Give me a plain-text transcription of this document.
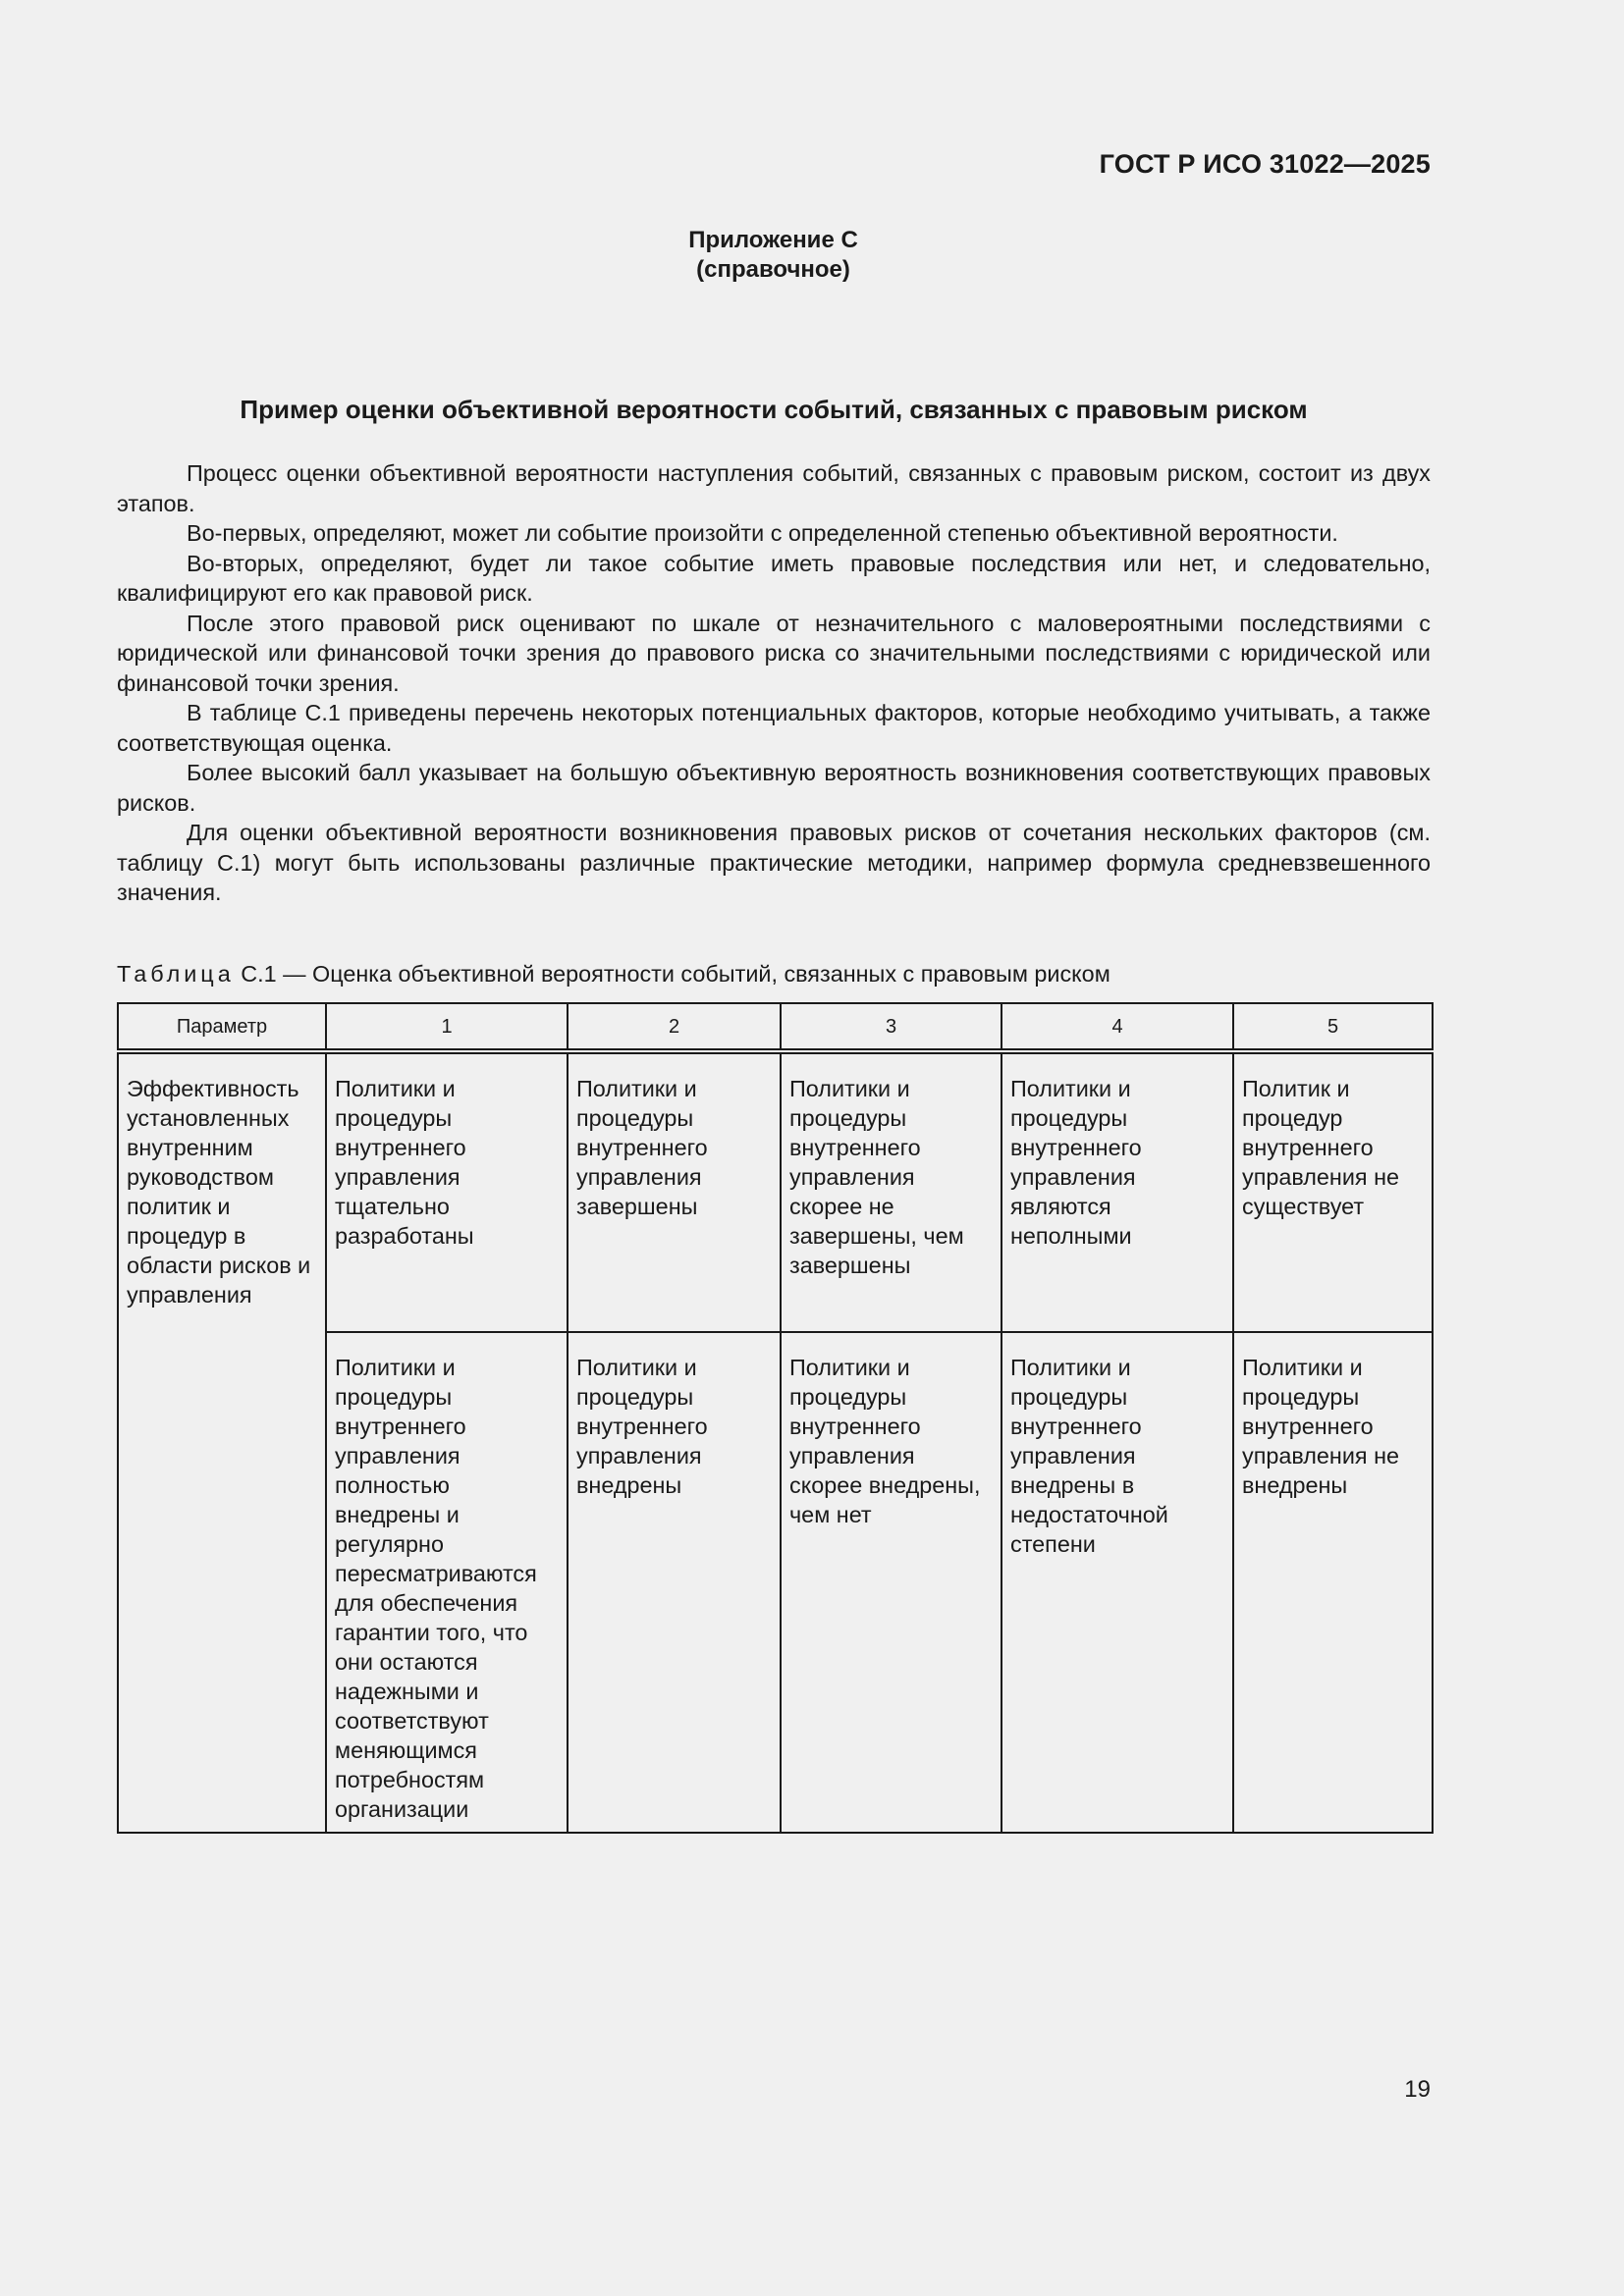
ГОСТ Р ИСО 31022—2025
Приложение С
(справочное)
Пример оценки объективной вероятности событий, связанных с правовым риском

Процесс оценки объективной вероятности наступления событий, связанных с правовым риском, состоит из двух этапов.

Во-первых, определяют, может ли событие произойти с определенной степенью объективной вероятности.

Во-вторых, определяют, будет ли такое событие иметь правовые последствия или нет, и следовательно, квалифицируют его как правовой риск.

После этого правовой риск оценивают по шкале от незначительного с маловероятными последствиями с юридической или финансовой точки зрения до правового риска со значительными последствиями с юридической или финансовой точки зрения.

В таблице С.1 приведены перечень некоторых потенциальных факторов, которые необходимо учитывать, а также соответствующая оценка.

Более высокий балл указывает на большую объективную вероятность возникновения соответствующих правовых рисков.

Для оценки объективной вероятности возникновения правовых рисков от сочетания нескольких факторов (см. таблицу С.1) могут быть использованы различные практические методики, например формула средневзвешенного значения.

Таблица С.1 — Оценка объективной вероятности событий, связанных с правовым риском
Параметр	1	2	3	4	5
Эффективность установленных внутренним руководством политик и процедур в области рисков и управления	Политики и процедуры внутреннего управления тщательно разработаны	Политики и процедуры внутреннего управления завершены	Политики и процедуры внутреннего управления скорее не завершены, чем завершены	Политики и процедуры внутреннего управления являются неполными	Политик и процедур внутреннего управления не существует
	Политики и процедуры внутреннего управления полностью внедрены и регулярно пересматриваются для обеспечения гарантии того, что они остаются надежными и соответствуют меняющимся потребностям организации	Политики и процедуры внутреннего управления внедрены	Политики и процедуры внутреннего управления скорее внедрены, чем нет	Политики и процедуры внутреннего управления внедрены в недостаточной степени	Политики и процедуры внутреннего управления не внедрены
19
